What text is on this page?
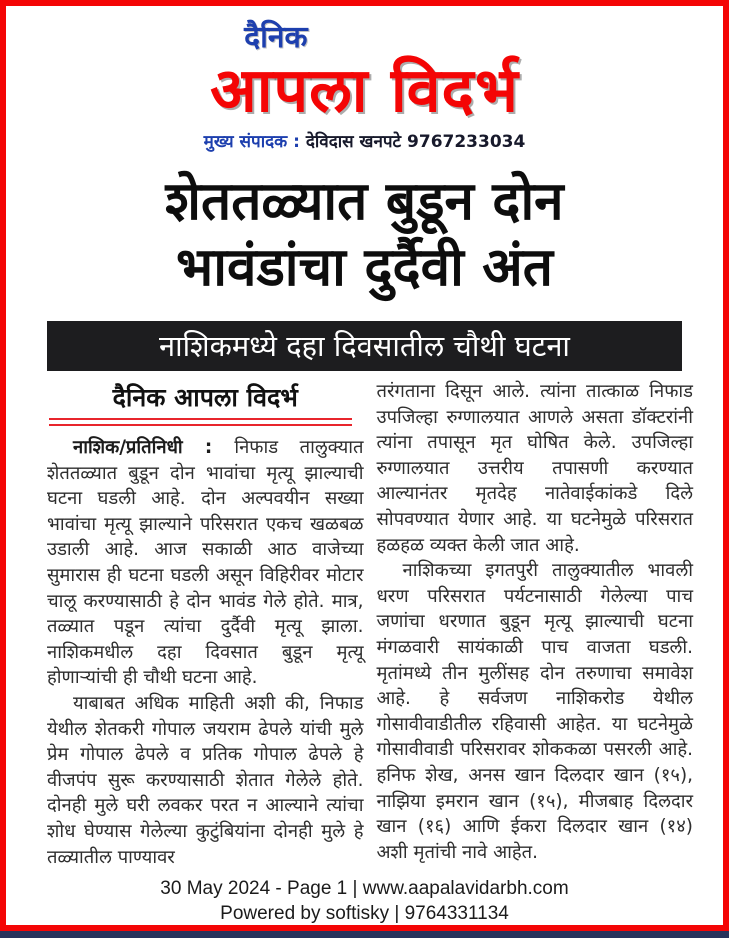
दैनिक
आपला विदर्भ
मुख्य संपादक : देविदास खनपटे 9767233034
शेततळ्यात बुडून दोन
भावंडांचा दुर्दैवी अंत
नाशिकमध्ये दहा दिवसातील चौथी घटना
दैनिक आपला विदर्भ

नाशिक/प्रतिनिधी : निफाड तालुक्यात शेततळ्यात बुडून दोन भावांचा मृत्यू झाल्याची घटना घडली आहे. दोन अल्पवयीन सख्या भावांचा मृत्यू झाल्याने परिसरात एकच खळबळ उडाली आहे. आज सकाळी आठ वाजेच्या सुमारास ही घटना घडली असून विहिरीवर मोटार चालू करण्यासाठी हे दोन भावंड गेले होते. मात्र, तळ्यात पडून त्यांचा दुर्दैवी मृत्यू झाला. नाशिकमधील दहा दिवसात बुडून मृत्यू होणाऱ्यांची ही चौथी घटना आहे.

याबाबत अधिक माहिती अशी की, निफाड येथील शेतकरी गोपाल जयराम ढेपले यांची मुले प्रेम गोपाल ढेपले व प्रतिक गोपाल ढेपले हे वीजपंप सुरू करण्यासाठी शेतात गेलेले होते. दोनही मुले घरी लवकर परत न आल्याने त्यांचा शोध घेण्यास गेलेल्या कुटुंबियांना दोनही मुले हे तळ्यातील पाण्यावर

तरंगताना दिसून आले. त्यांना तात्काळ निफाड उपजिल्हा रुग्णालयात आणले असता डॉक्टरांनी त्यांना तपासून मृत घोषित केले. उपजिल्हा रुग्णालयात उत्तरीय तपासणी करण्यात आल्यानंतर मृतदेह नातेवाईकांकडे दिले सोपवण्यात येणार आहे. या घटनेमुळे परिसरात हळहळ व्यक्त केली जात आहे.

नाशिकच्या इगतपुरी तालुक्यातील भावली धरण परिसरात पर्यटनासाठी गेलेल्या पाच जणांचा धरणात बुडून मृत्यू झाल्याची घटना मंगळवारी सायंकाळी पाच वाजता घडली. मृतांमध्ये तीन मुलींसह दोन तरुणाचा समावेश आहे. हे सर्वजण नाशिकरोड येथील गोसावीवाडीतील रहिवासी आहेत. या घटनेमुळे गोसावीवाडी परिसरावर शोककळा पसरली आहे. हनिफ शेख, अनस खान दिलदार खान (१५), नाझिया इमरान खान (१५), मीजबाह दिलदार खान (१६) आणि ईकरा दिलदार खान (१४) अशी मृतांची नावे आहेत.

30 May 2024 - Page 1 | www.aapalavidarbh.com
Powered by softisky | 9764331134
